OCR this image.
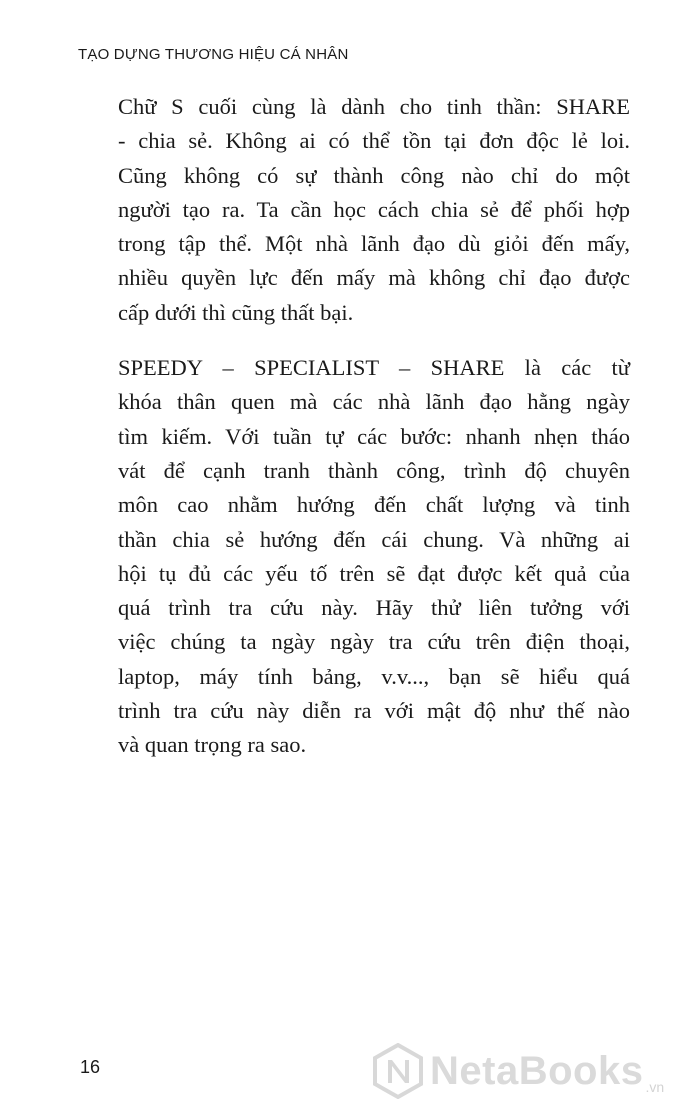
TẠO DỰNG THƯƠNG HIỆU CÁ NHÂN

Chữ S cuối cùng là dành cho tinh thần: SHARE
- chia sẻ. Không ai có thể tồn tại đơn độc lẻ loi.
Cũng không có sự thành công nào chỉ do một
người tạo ra. Ta cần học cách chia sẻ để phối hợp
trong tập thể. Một nhà lãnh đạo dù giỏi đến mấy,
nhiều quyền lực đến mấy mà không chỉ đạo được
cấp dưới thì cũng thất bại.

SPEEDY – SPECIALIST – SHARE là các từ
khóa thân quen mà các nhà lãnh đạo hằng ngày
tìm kiếm. Với tuần tự các bước: nhanh nhẹn tháo
vát để cạnh tranh thành công, trình độ chuyên
môn cao nhằm hướng đến chất lượng và tinh
thần chia sẻ hướng đến cái chung. Và những ai
hội tụ đủ các yếu tố trên sẽ đạt được kết quả của
quá trình tra cứu này. Hãy thử liên tưởng với
việc chúng ta ngày ngày tra cứu trên điện thoại,
laptop, máy tính bảng, v.v..., bạn sẽ hiểu quá
trình tra cứu này diễn ra với mật độ như thế nào
và quan trọng ra sao.

16	NetaBooks .vn
